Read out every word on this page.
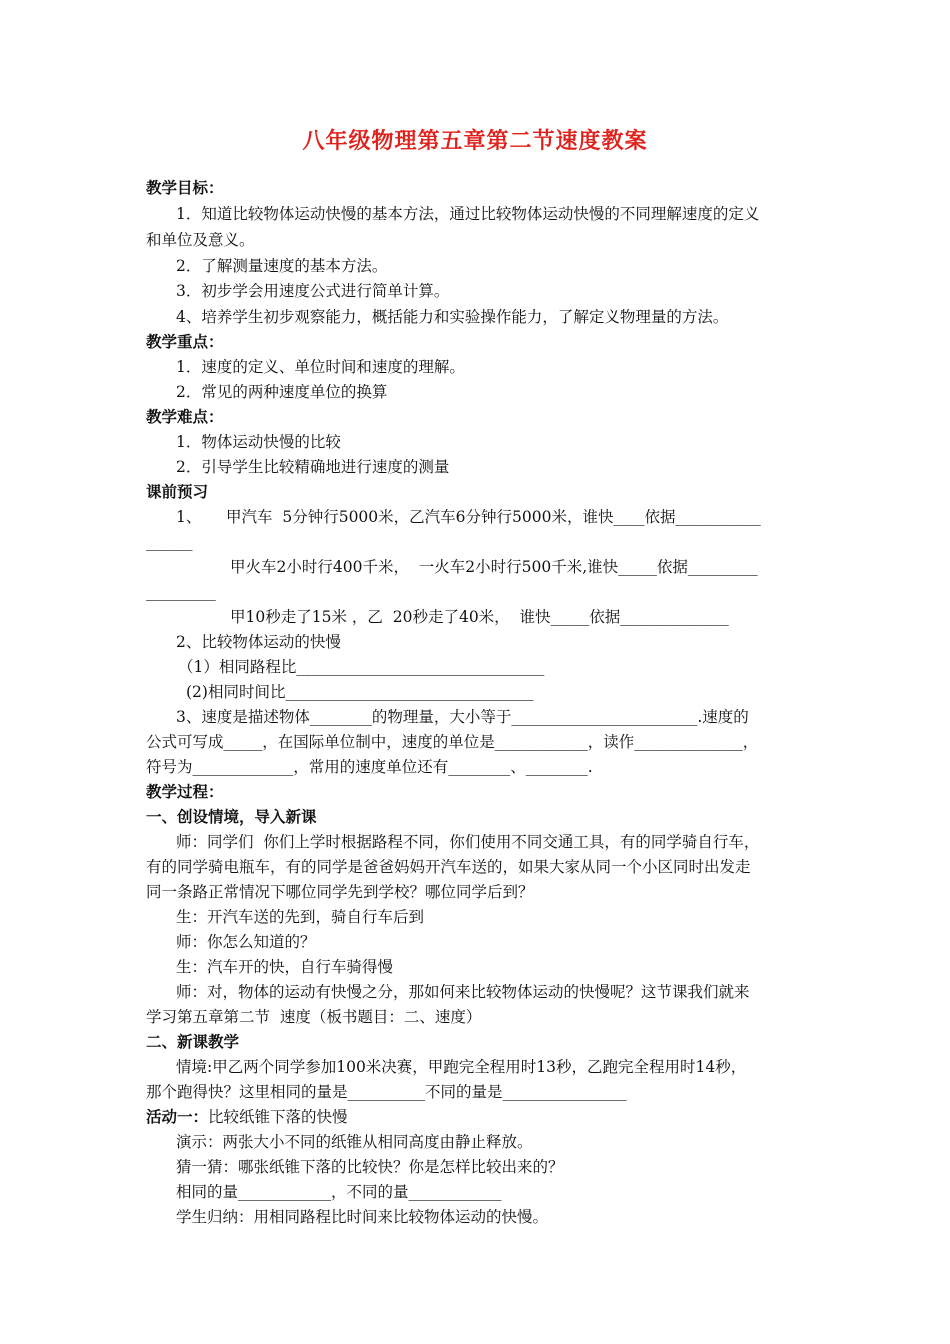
八年级物理第五章第二节速度教案
教学目标：
1．知道比较物体运动快慢的基本方法，通过比较物体运动快慢的不同理解速度的定义
和单位及意义。
2．了解测量速度的基本方法。
3．初步学会用速度公式进行简单计算。
4、培养学生初步观察能力，概括能力和实验操作能力，了解定义物理量的方法。
教学重点：
1．速度的定义、单位时间和速度的理解。
2．常见的两种速度单位的换算
教学难点：
1．物体运动快慢的比较
2．引导学生比较精确地进行速度的测量
课前预习
1、     甲汽车  5分钟行5000米，乙汽车6分钟行5000米，谁快____依据___________
______
甲火车2小时行400千米，  一火车2小时行500千米,谁快_____依据_________
_________
甲10秒走了15米 ，乙  20秒走了40米，  谁快_____依据______________
2、比较物体运动的快慢
（1）相同路程比________________________________
(2)相同时间比________________________________
3、速度是描述物体________的物理量，大小等于________________________.速度的
公式可写成_____，在国际单位制中，速度的单位是____________，读作______________，
符号为_____________，常用的速度单位还有________、________.
教学过程：
一、创设情境，导入新课
师：同学们  你们上学时根据路程不同，你们使用不同交通工具，有的同学骑自行车，
有的同学骑电瓶车，有的同学是爸爸妈妈开汽车送的，如果大家从同一个小区同时出发走
同一条路正常情况下哪位同学先到学校？哪位同学后到？
生：开汽车送的先到，骑自行车后到
师：你怎么知道的？
生：汽车开的快，自行车骑得慢
师：对，物体的运动有快慢之分，那如何来比较物体运动的快慢呢？这节课我们就来
学习第五章第二节  速度（板书题目：二、速度）
二、新课教学
情境:甲乙两个同学参加100米决赛，甲跑完全程用时13秒，乙跑完全程用时14秒，
那个跑得快？这里相同的量是__________不同的量是________________
活动一：比较纸锥下落的快慢
演示：两张大小不同的纸锥从相同高度由静止释放。
猜一猜：哪张纸锥下落的比较快？你是怎样比较出来的？
相同的量____________，不同的量____________
学生归纳：用相同路程比时间来比较物体运动的快慢。
